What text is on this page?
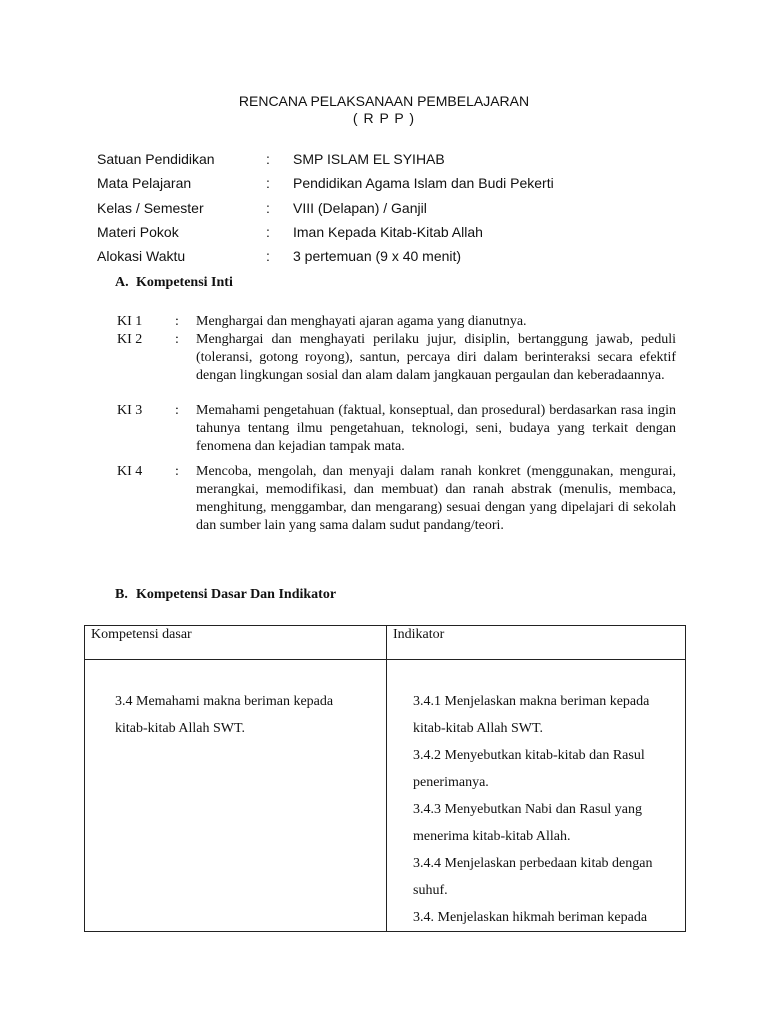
RENCANA PELAKSANAAN PEMBELAJARAN
( R P P )
Satuan Pendidikan	: SMP ISLAM EL SYIHAB
Mata Pelajaran	: Pendidikan Agama Islam dan Budi Pekerti
Kelas / Semester	: VIII (Delapan) / Ganjil
Materi Pokok	: Iman Kepada Kitab-Kitab Allah
Alokasi Waktu	: 3 pertemuan (9 x 40 menit)
A. Kompetensi Inti
KI 1 : Menghargai dan menghayati ajaran agama yang dianutnya.
KI 2 : Menghargai dan menghayati perilaku jujur, disiplin, bertanggung jawab, peduli (toleransi, gotong royong), santun, percaya diri dalam berinteraksi secara efektif dengan lingkungan sosial dan alam dalam jangkauan pergaulan dan keberadaannya.
KI 3 : Memahami pengetahuan (faktual, konseptual, dan prosedural) berdasarkan rasa ingin tahunya tentang ilmu pengetahuan, teknologi, seni, budaya yang terkait dengan fenomena dan kejadian tampak mata.
KI 4 : Mencoba, mengolah, dan menyaji dalam ranah konkret (menggunakan, mengurai, merangkai, memodifikasi, dan membuat) dan ranah abstrak (menulis, membaca, menghitung, menggambar, dan mengarang) sesuai dengan yang dipelajari di sekolah dan sumber lain yang sama dalam sudut pandang/teori.
B. Kompetensi Dasar Dan Indikator
Kompetensi dasar	Indikator

3.4 Memahami makna beriman kepada kitab-kitab Allah SWT.	3.4.1 Menjelaskan makna beriman kepada kitab-kitab Allah SWT.
3.4.2 Menyebutkan kitab-kitab dan Rasul penerimanya.
3.4.3 Menyebutkan Nabi dan Rasul yang menerima kitab-kitab Allah.
3.4.4 Menjelaskan perbedaan kitab dengan suhuf.
3.4. Menjelaskan hikmah beriman kepada
